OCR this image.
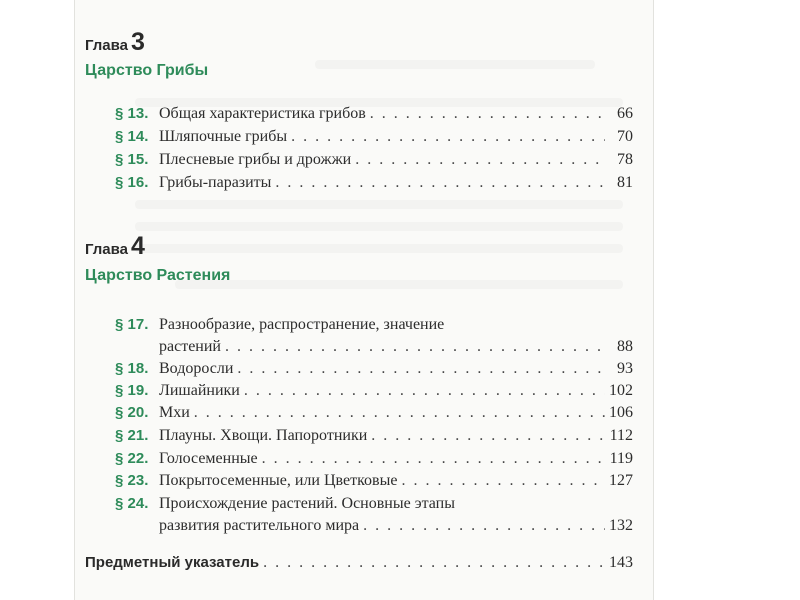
Глава 3
Царство Грибы
§ 13. Общая характеристика грибов . . .	66
§ 14. Шляпочные грибы . . .	70
§ 15. Плесневые грибы и дрожжи . . .	78
§ 16. Грибы-паразиты . . .	81
Глава 4
Царство Растения
§ 17. Разнообразие, распространение, значение
растений . . .	88
§ 18. Водоросли . . .	93
§ 19. Лишайники . . .	102
§ 20. Мхи . . .	106
§ 21. Плауны. Хвощи. Папоротники . . .	112
§ 22. Голосеменные . . .	119
§ 23. Покрытосеменные, или Цветковые . . .	127
§ 24. Происхождение растений. Основные этапы
развития растительного мира . . .	132
Предметный указатель . . .	143
